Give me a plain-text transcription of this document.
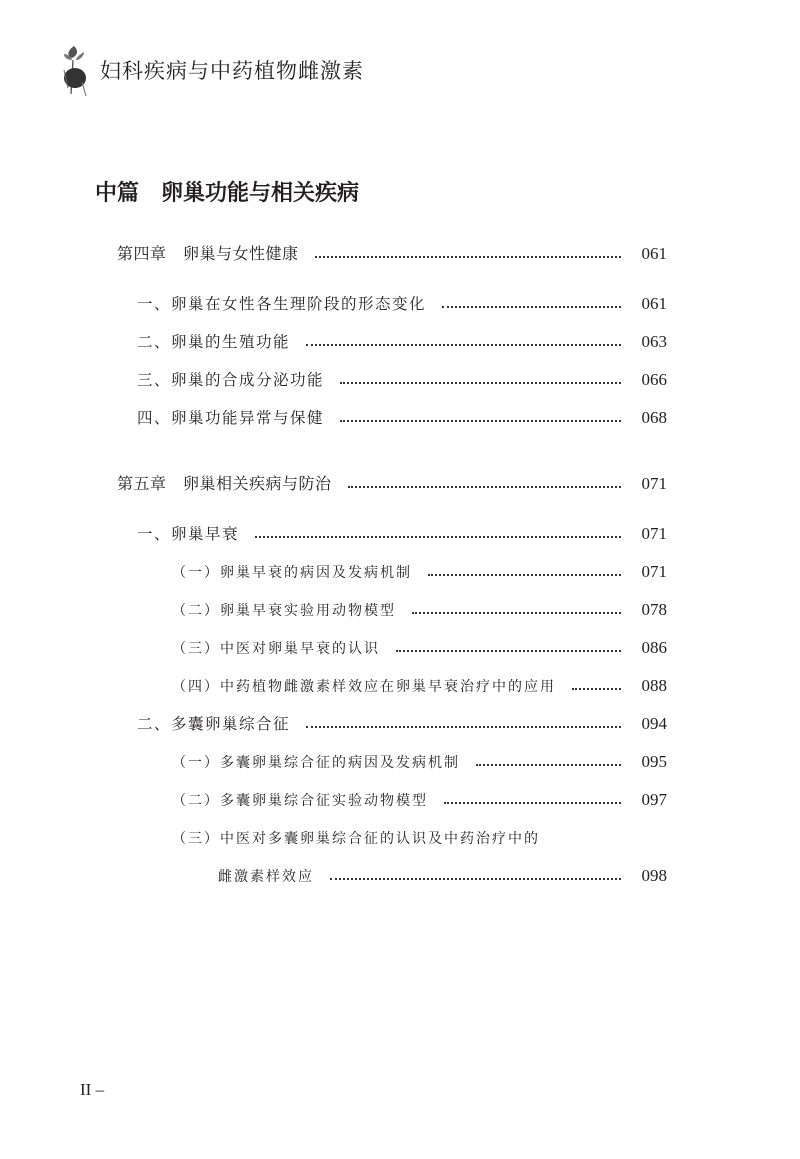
妇科疾病与中药植物雌激素
中篇 卵巢功能与相关疾病
第四章　卵巢与女性健康	061
一、卵巢在女性各生理阶段的形态变化	061
二、卵巢的生殖功能	063
三、卵巢的合成分泌功能	066
四、卵巢功能异常与保健	068
第五章　卵巢相关疾病与防治	071
一、卵巢早衰	071
（一）卵巢早衰的病因及发病机制	071
（二）卵巢早衰实验用动物模型	078
（三）中医对卵巢早衰的认识	086
（四）中药植物雌激素样效应在卵巢早衰治疗中的应用	088
二、多囊卵巢综合征	094
（一）多囊卵巢综合征的病因及发病机制	095
（二）多囊卵巢综合征实验动物模型	097
（三）中医对多囊卵巢综合征的认识及中药治疗中的
雌激素样效应	098
II –
